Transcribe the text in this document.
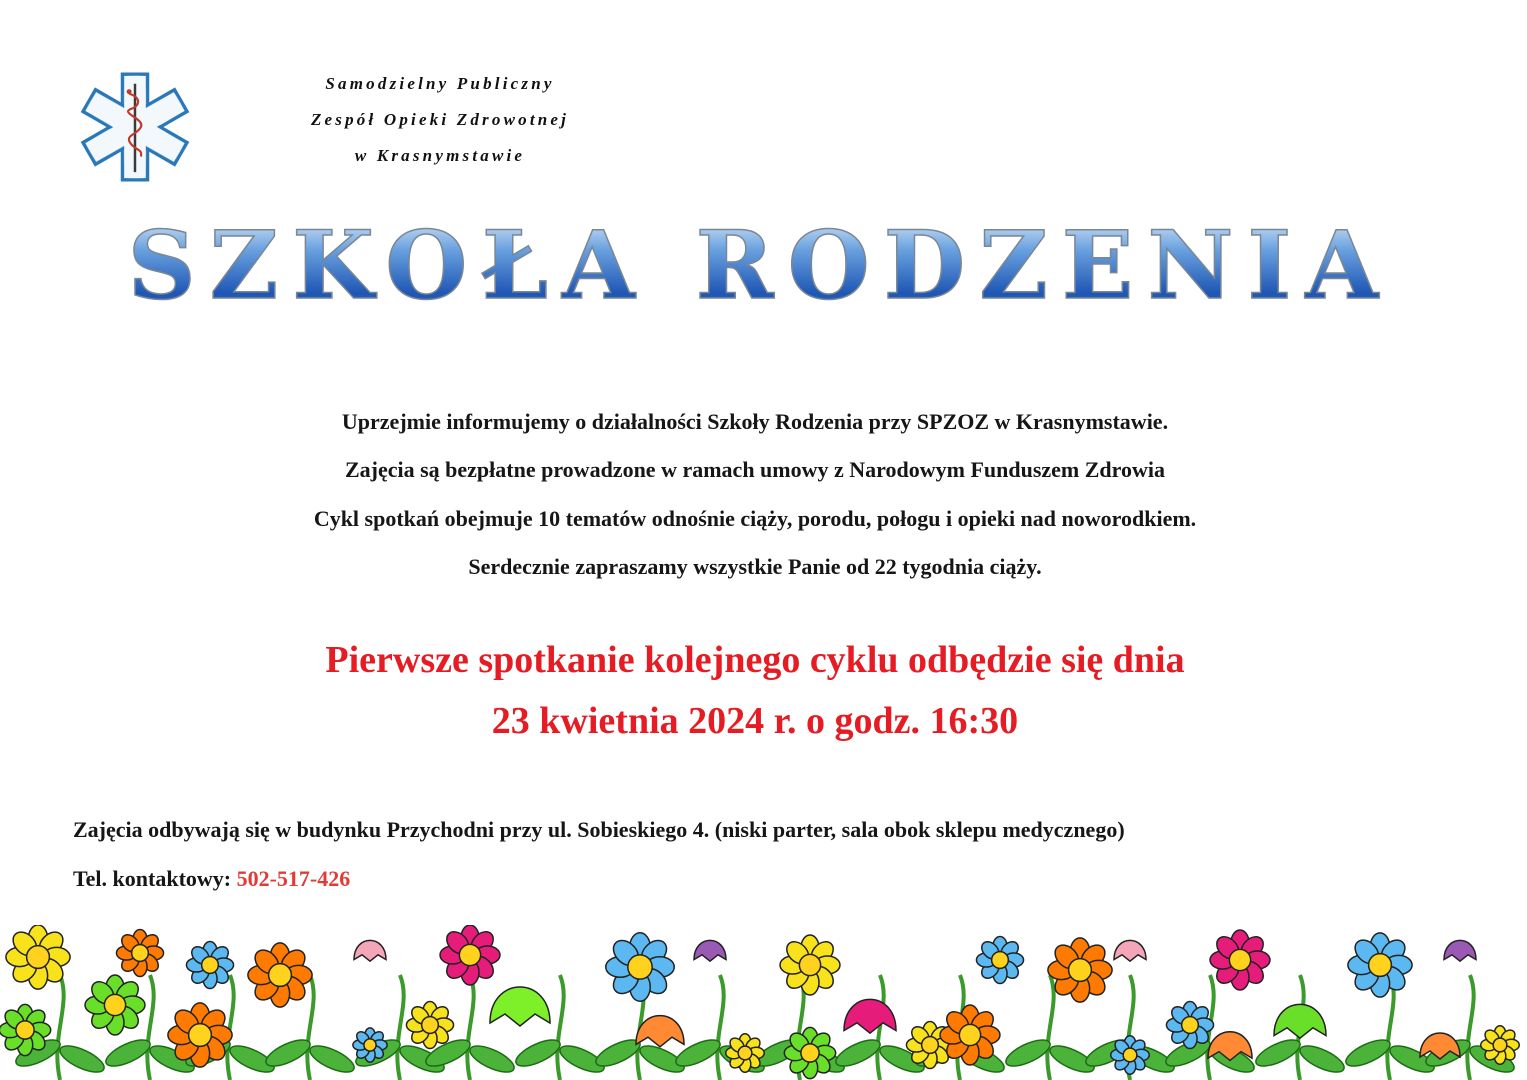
Samodzielny Publiczny
Zespół Opieki Zdrowotnej
w Krasnymstawie
SZKOŁA RODZENIA
Uprzejmie informujemy o działalności Szkoły Rodzenia przy SPZOZ w Krasnymstawie.
Zajęcia są bezpłatne prowadzone w ramach umowy z Narodowym Funduszem Zdrowia
Cykl spotkań obejmuje 10 tematów odnośnie ciąży, porodu, połogu i opieki nad noworodkiem.
Serdecznie zapraszamy wszystkie Panie od 22 tygodnia ciąży.
Pierwsze spotkanie kolejnego cyklu odbędzie się dnia
23 kwietnia 2024 r. o godz. 16:30
Zajęcia odbywają się w budynku Przychodni przy ul. Sobieskiego 4. (niski parter, sala obok sklepu medycznego)
Tel. kontaktowy: 502-517-426
